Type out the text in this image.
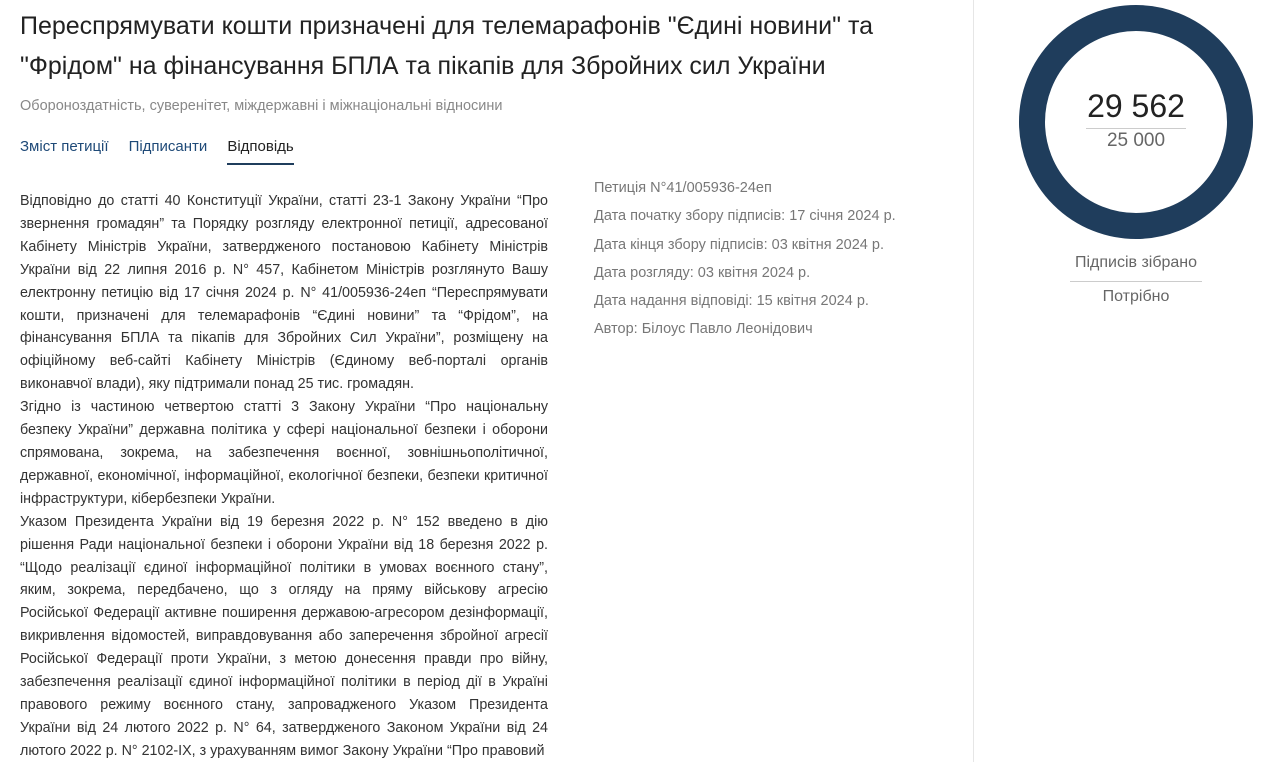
Переспрямувати кошти призначені для телемарафонів "Єдині новини" та "Фрідом" на фінансування БПЛА та пікапів для Збройних сил України
Обороноздатність, суверенітет, міждержавні і міжнаціональні відносини
Зміст петиції Підписанти Відповідь

Відповідно до статті 40 Конституції України, статті 23-1 Закону України “Про звернення громадян” та Порядку розгляду електронної петиції, адресованої Кабінету Міністрів України, затвердженого постановою Кабінету Міністрів України від 22 липня 2016 р. N° 457, Кабінетом Міністрів розглянуто Вашу електронну петицію від 17 січня 2024 р. N° 41/005936-24еп “Переспрямувати кошти, призначені для телемарафонів “Єдині новини” та “Фрідом”, на фінансування БПЛА та пікапів для Збройних Сил України”, розміщену на офіційному веб-сайті Кабінету Міністрів (Єдиному веб-порталі органів виконавчої влади), яку підтримали понад 25 тис. громадян.

Згідно із частиною четвертою статті 3 Закону України “Про національну безпеку України” державна політика у сфері національної безпеки і оборони спрямована, зокрема, на забезпечення воєнної, зовнішньополітичної, державної, економічної, інформаційної, екологічної безпеки, безпеки критичної інфраструктури, кібербезпеки України.

Указом Президента України від 19 березня 2022 р. N° 152 введено в дію рішення Ради національної безпеки і оборони України від 18 березня 2022 р. “Щодо реалізації єдиної інформаційної політики в умовах воєнного стану”, яким, зокрема, передбачено, що з огляду на пряму військову агресію Російської Федерації активне поширення державою-агресором дезінформації, викривлення відомостей, виправдовування або заперечення збройної агресії Російської Федерації проти України, з метою донесення правди про війну, забезпечення реалізації єдиної інформаційної політики в період дії в Україні правового режиму воєнного стану, запровадженого Указом Президента України від 24 лютого 2022 р. N° 64, затвердженого Законом України від 24 лютого 2022 р. N° 2102-IX, з урахуванням вимог Закону України “Про правовий

Петиція N°41/005936-24еп
Дата початку збору підписів: 17 січня 2024 р.
Дата кінця збору підписів: 03 квітня 2024 р.
Дата розгляду: 03 квітня 2024 р.
Дата надання відповіді: 15 квітня 2024 р.
Автор: Білоус Павло Леонідович
29 562
25 000
Підписів зібрано
Потрібно
